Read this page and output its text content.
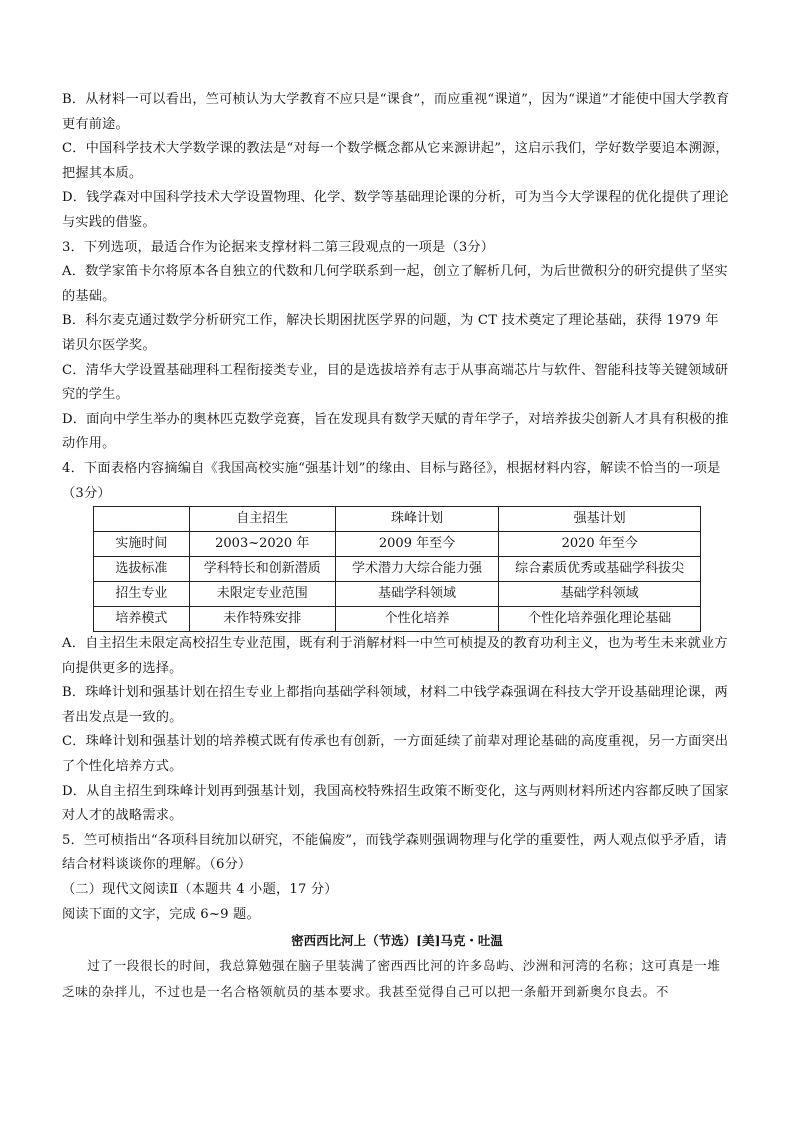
B．从材料一可以看出，竺可桢认为大学教育不应只是“课食”，而应重视“课道”，因为“课道”才能使中国大学教育更有前途。

C．中国科学技术大学数学课的教法是“对每一个数学概念都从它来源讲起”，这启示我们，学好数学要追本溯源，把握其本质。

D．钱学森对中国科学技术大学设置物理、化学、数学等基础理论课的分析，可为当今大学课程的优化提供了理论与实践的借鉴。

3．下列选项，最适合作为论据来支撑材料二第三段观点的一项是（3分）

A．数学家笛卡尔将原本各自独立的代数和几何学联系到一起，创立了解析几何，为后世微积分的研究提供了坚实的基础。

B．科尔麦克通过数学分析研究工作，解决长期困扰医学界的问题，为 CT 技术奠定了理论基础，获得 1979 年诺贝尔医学奖。

C．清华大学设置基础理科工程衔接类专业，目的是选拔培养有志于从事高端芯片与软件、智能科技等关键领域研究的学生。

D．面向中学生举办的奥林匹克数学竞赛，旨在发现具有数学天赋的青年学子，对培养拔尖创新人才具有积极的推动作用。

4．下面表格内容摘编自《我国高校实施“强基计划”的缘由、目标与路径》，根据材料内容，解读不恰当的一项是（3分）

	自主招生	珠峰计划	强基计划
实施时间	2003~2020 年	2009 年至今	2020 年至今
选拔标准	学科特长和创新潜质	学术潜力大综合能力强	综合素质优秀或基础学科拔尖
招生专业	未限定专业范围	基础学科领域	基础学科领域
培养模式	未作特殊安排	个性化培养	个性化培养强化理论基础

A．自主招生未限定高校招生专业范围，既有利于消解材料一中竺可桢提及的教育功利主义，也为考生未来就业方向提供更多的选择。

B．珠峰计划和强基计划在招生专业上都指向基础学科领域，材料二中钱学森强调在科技大学开设基础理论课，两者出发点是一致的。

C．珠峰计划和强基计划的培养模式既有传承也有创新，一方面延续了前辈对理论基础的高度重视，另一方面突出了个性化培养方式。

D．从自主招生到珠峰计划再到强基计划，我国高校特殊招生政策不断变化，这与两则材料所述内容都反映了国家对人才的战略需求。

5．竺可桢指出“各项科目统加以研究，不能偏废”，而钱学森则强调物理与化学的重要性，两人观点似乎矛盾，请结合材料谈谈你的理解。（6分）

（二）现代文阅读Ⅱ（本题共 4 小题，17 分）

阅读下面的文字，完成 6~9 题。

密西西比河上（节选）[美]马克・吐温

过了一段很长的时间，我总算勉强在脑子里装满了密西西比河的许多岛屿、沙洲和河湾的名称；这可真是一堆乏味的杂拌儿，不过也是一名合格领航员的基本要求。我甚至觉得自己可以把一条船开到新奥尔良去。不
